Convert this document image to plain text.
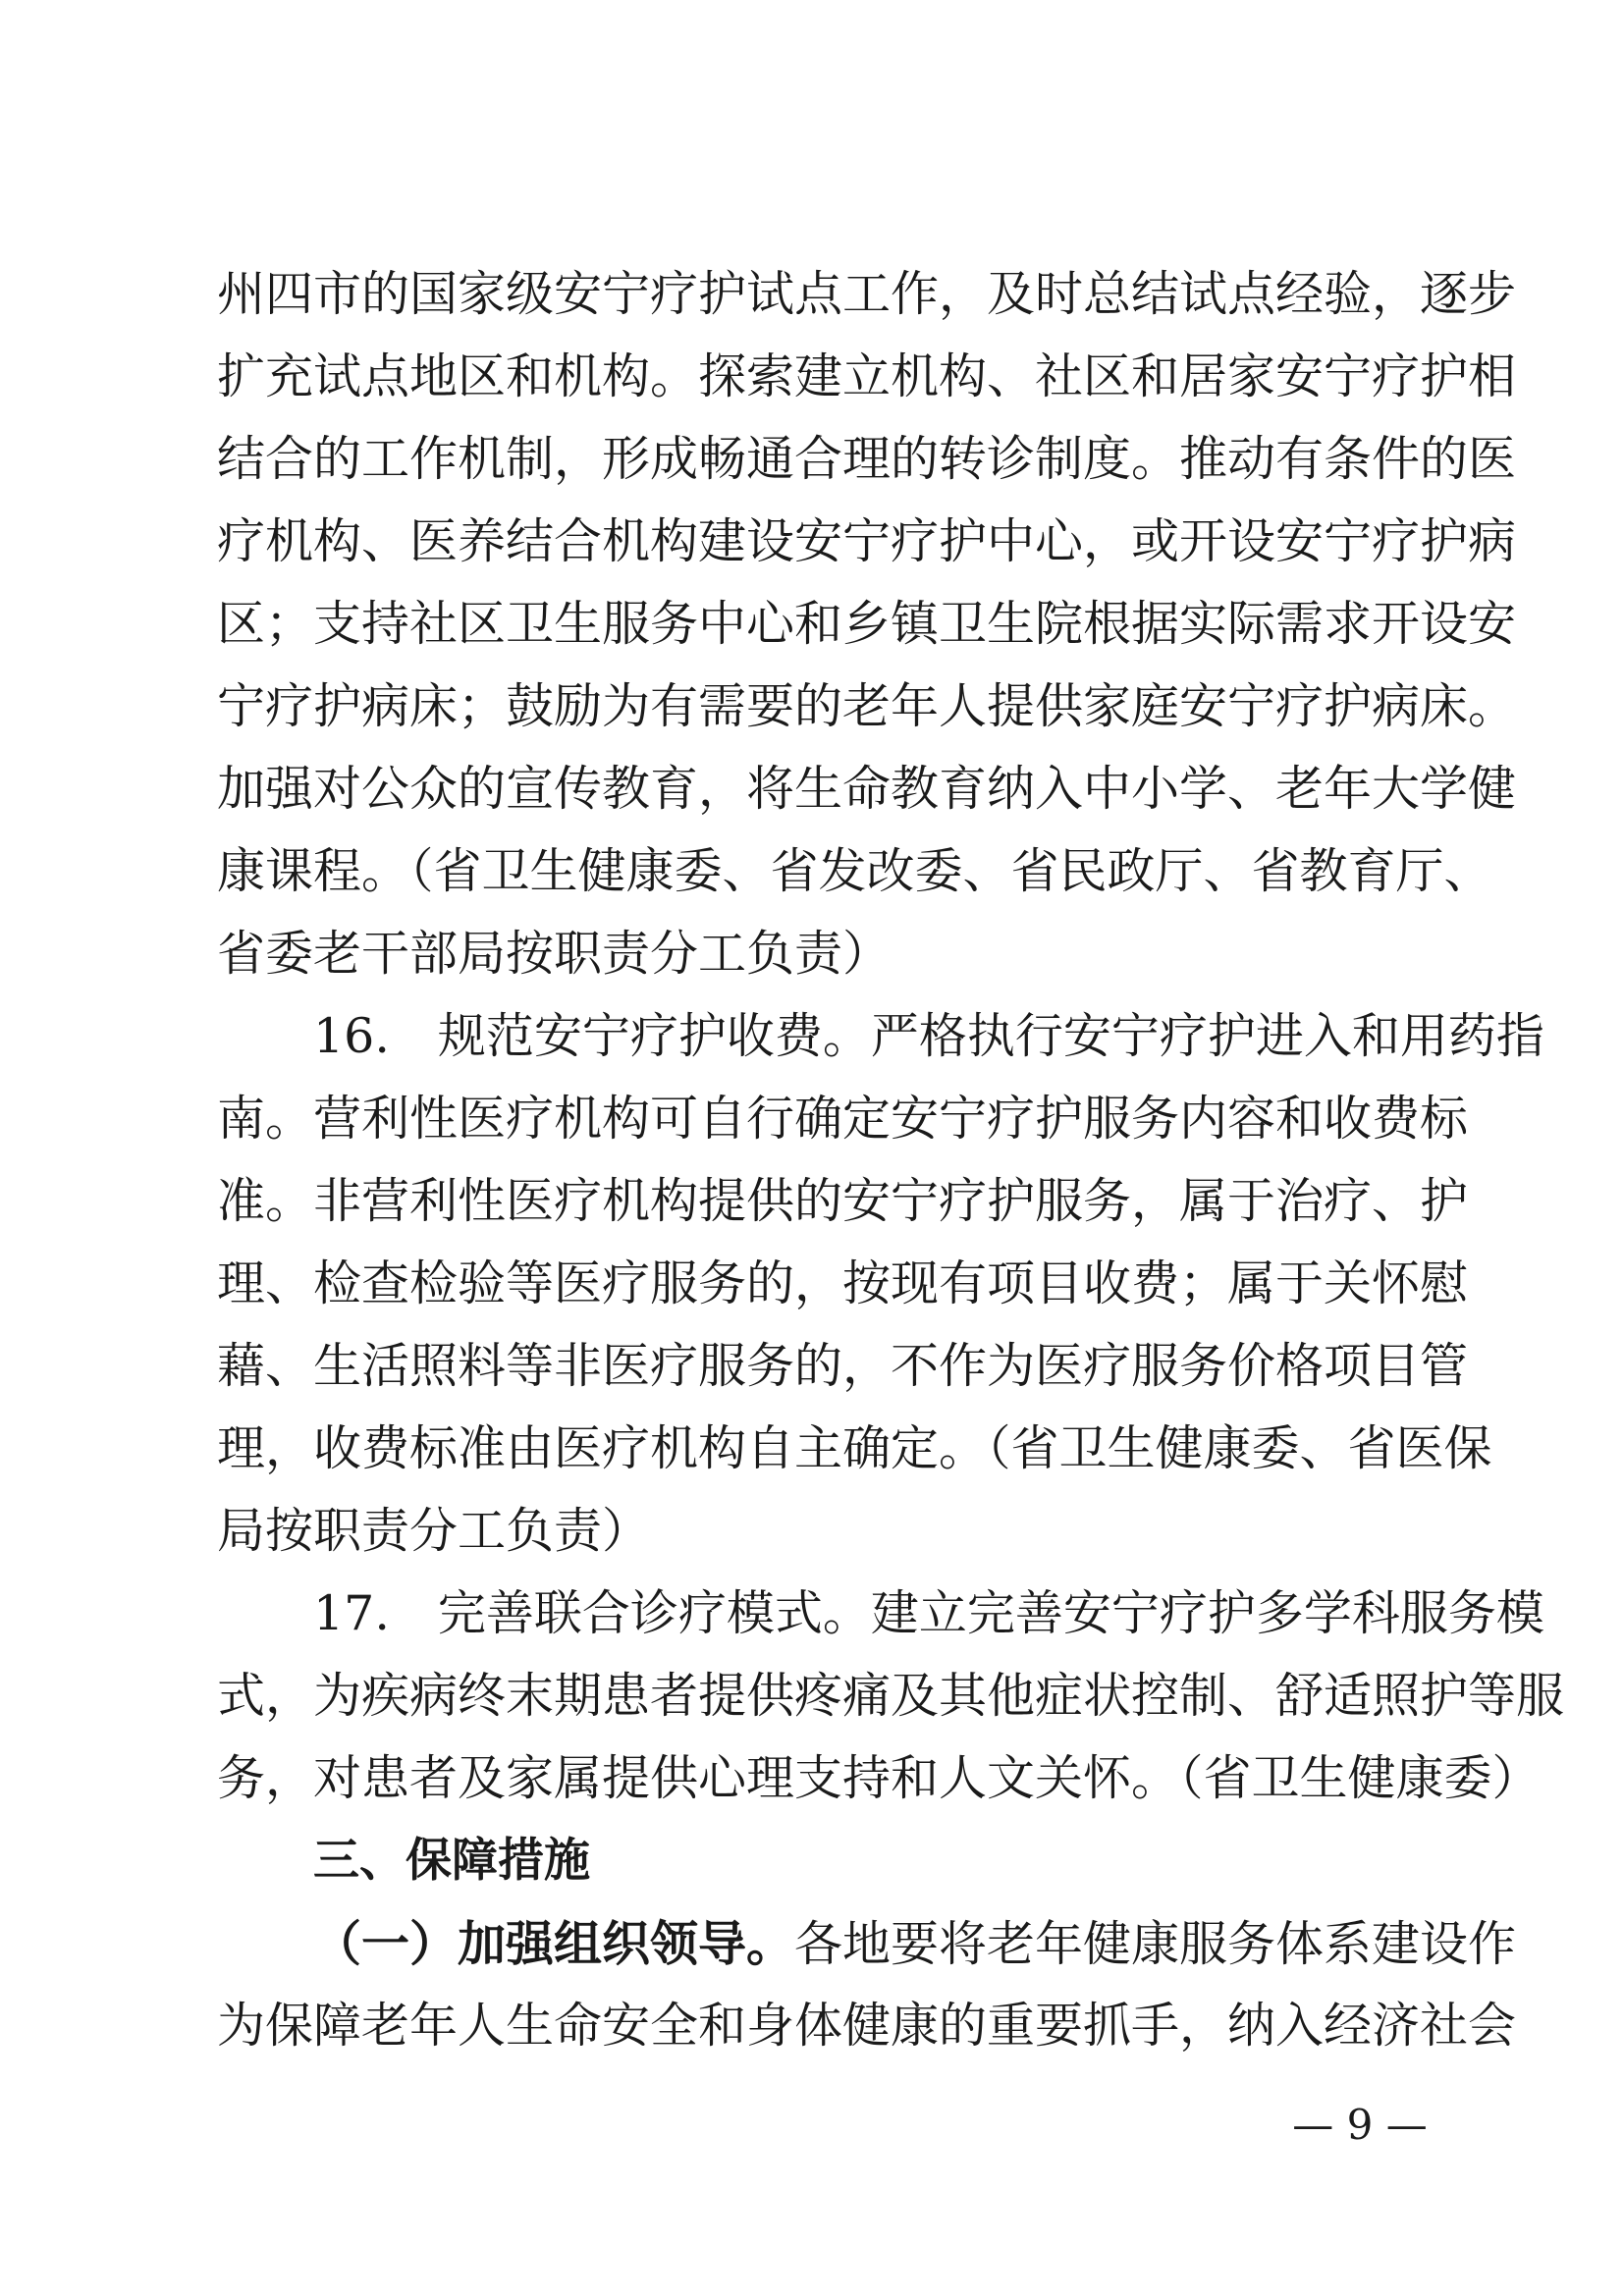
州四市的国家级安宁疗护试点工作，及时总结试点经验，逐步
扩充试点地区和机构。探索建立机构、社区和居家安宁疗护相
结合的工作机制，形成畅通合理的转诊制度。推动有条件的医
疗机构、医养结合机构建设安宁疗护中心，或开设安宁疗护病
区；支持社区卫生服务中心和乡镇卫生院根据实际需求开设安
宁疗护病床；鼓励为有需要的老年人提供家庭安宁疗护病床。
加强对公众的宣传教育，将生命教育纳入中小学、老年大学健
康课程。（省卫生健康委、省发改委、省民政厅、省教育厅、
省委老干部局按职责分工负责）
16.　规范安宁疗护收费。严格执行安宁疗护进入和用药指
南。营利性医疗机构可自行确定安宁疗护服务内容和收费标
准。非营利性医疗机构提供的安宁疗护服务，属于治疗、护
理、检查检验等医疗服务的，按现有项目收费；属于关怀慰
藉、生活照料等非医疗服务的，不作为医疗服务价格项目管
理，收费标准由医疗机构自主确定。（省卫生健康委、省医保
局按职责分工负责）
17.　完善联合诊疗模式。建立完善安宁疗护多学科服务模
式，为疾病终末期患者提供疼痛及其他症状控制、舒适照护等服
务，对患者及家属提供心理支持和人文关怀。（省卫生健康委）
三、保障措施
（一）加强组织领导。各地要将老年健康服务体系建设作
为保障老年人生命安全和身体健康的重要抓手，纳入经济社会
— 9 —
